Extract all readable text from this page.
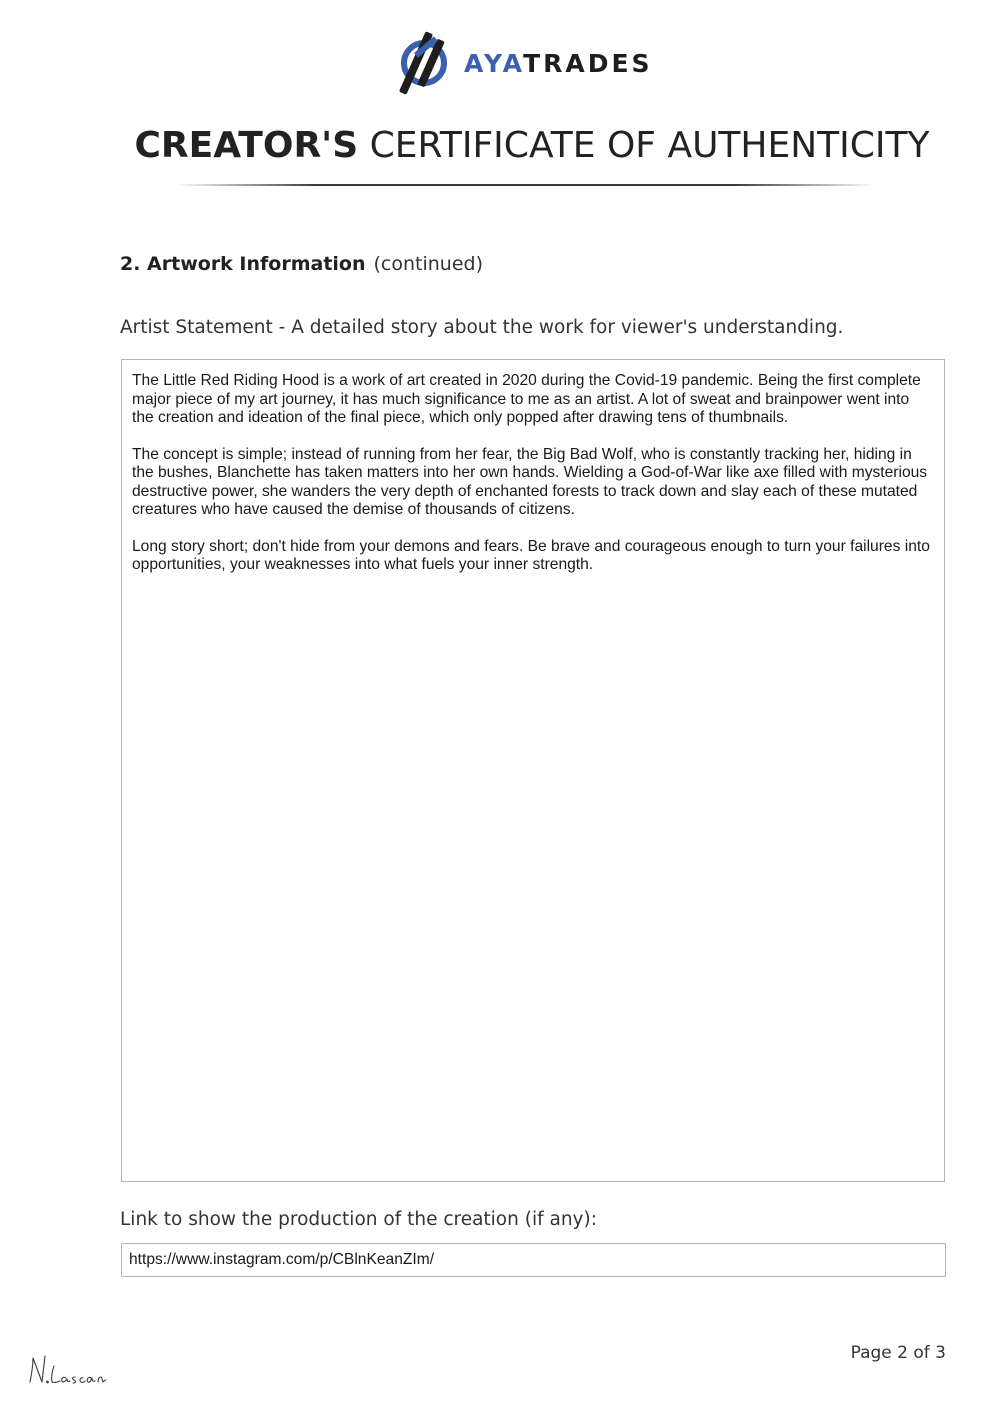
AYATRADES
CREATOR'S CERTIFICATE OF AUTHENTICITY
2. Artwork Information (continued)
Artist Statement - A detailed story about the work for viewer's understanding.

The Little Red Riding Hood is a work of art created in 2020 during the Covid-19 pandemic. Being the first complete major piece of my art journey, it has much significance to me as an artist. A lot of sweat and brainpower went into the creation and ideation of the final piece, which only popped after drawing tens of thumbnails.

The concept is simple; instead of running from her fear, the Big Bad Wolf, who is constantly tracking her, hiding in the bushes, Blanchette has taken matters into her own hands. Wielding a God-of-War like axe filled with mysterious destructive power, she wanders the very depth of enchanted forests to track down and slay each of these mutated creatures who have caused the demise of thousands of citizens.

Long story short; don't hide from your demons and fears. Be brave and courageous enough to turn your failures into opportunities, your weaknesses into what fuels your inner strength.

Link to show the production of the creation (if any):
https://www.instagram.com/p/CBlnKeanZIm/
Page 2 of 3
